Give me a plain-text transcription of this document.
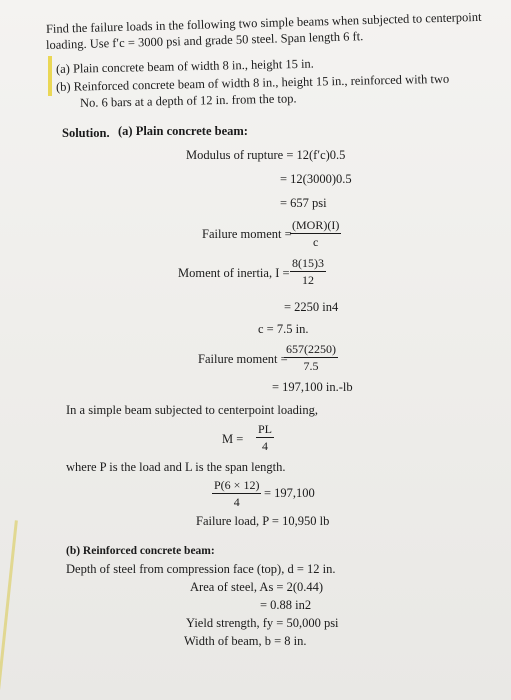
Find the failure loads in the following two simple beams when subjected to centerpoint
loading. Use f′c = 3000 psi and grade 50 steel. Span length 6 ft.
(a) Plain concrete beam of width 8 in., height 15 in.
(b) Reinforced concrete beam of width 8 in., height 15 in., reinforced with two
No. 6 bars at a depth of 12 in. from the top.
Solution. (a) Plain concrete beam:
Modulus of rupture = 12(f′c)0.5
= 12(3000)0.5
= 657 psi
Failure moment =
(MOR)(I)
c
Moment of inertia, I =
8(15)3
12
= 2250 in4
c = 7.5 in.
Failure moment =
657(2250)
7.5
= 197,100 in.-lb
In a simple beam subjected to centerpoint loading,
M =
PL
4
where P is the load and L is the span length.
P(6 × 12)
4
= 197,100
Failure load, P = 10,950 lb
(b) Reinforced concrete beam:
Depth of steel from compression face (top), d = 12 in.
Area of steel, As = 2(0.44)
= 0.88 in2
Yield strength, fy = 50,000 psi
Width of beam, b = 8 in.
